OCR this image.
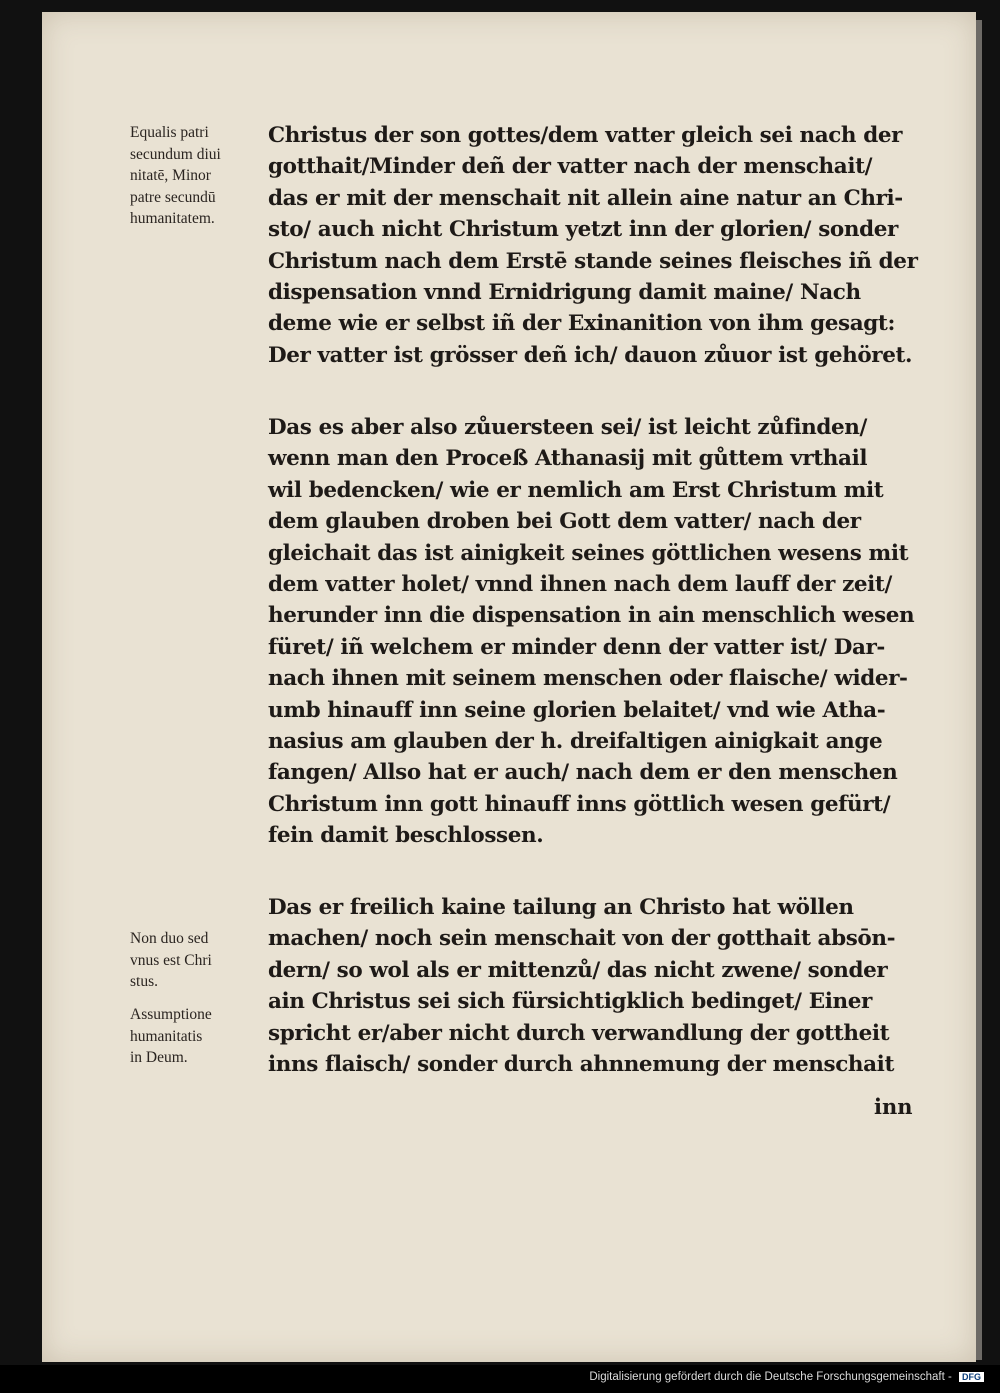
Equalis patri
secundum diui
nitatē, Minor
patre secundū
humanitatem.
Non duo sed
vnus est Chri
stus.
Assumptione
humanitatis
in Deum.
Christus der son gottes/dem vatter gleich sei nach der
gotthait/Minder deñ der vatter nach der menschait/
das er mit der menschait nit allein aine natur an Chri-
sto/ auch nicht Christum yetzt inn der glorien/ sonder
Christum nach dem Erstē stande seines fleisches iñ der
dispensation vnnd Ernidrigung damit maine/ Nach
deme wie er selbst iñ der Exinanition von ihm gesagt:
Der vatter ist grösser deñ ich/ dauon zůuor ist gehöret.
Das es aber also zůuersteen sei/ ist leicht zůfinden/
wenn man den Proceß Athanasij mit gůttem vrthail
wil bedencken/ wie er nemlich am Erst Christum mit
dem glauben droben bei Gott dem vatter/ nach der
gleichait das ist ainigkeit seines göttlichen wesens mit
dem vatter holet/ vnnd ihnen nach dem lauff der zeit/
herunder inn die dispensation in ain menschlich wesen
füret/ iñ welchem er minder denn der vatter ist/ Dar-
nach ihnen mit seinem menschen oder flaische/ wider-
umb hinauff inn seine glorien belaitet/ vnd wie Atha-
nasius am glauben der h. dreifaltigen ainigkait ange
fangen/ Allso hat er auch/ nach dem er den menschen
Christum inn gott hinauff inns göttlich wesen gefürt/
fein damit beschlossen.
Das er freilich kaine tailung an Christo hat wöllen
machen/ noch sein menschait von der gotthait absōn-
dern/ so wol als er mittenzů/ das nicht zwene/ sonder
ain Christus sei sich fürsichtigklich bedinget/ Einer
spricht er/aber nicht durch verwandlung der gottheit
inns flaisch/ sonder durch ahnnemung der menschait
inn
Digitalisierung gefördert durch die Deutsche Forschungsgemeinschaft - DFG
